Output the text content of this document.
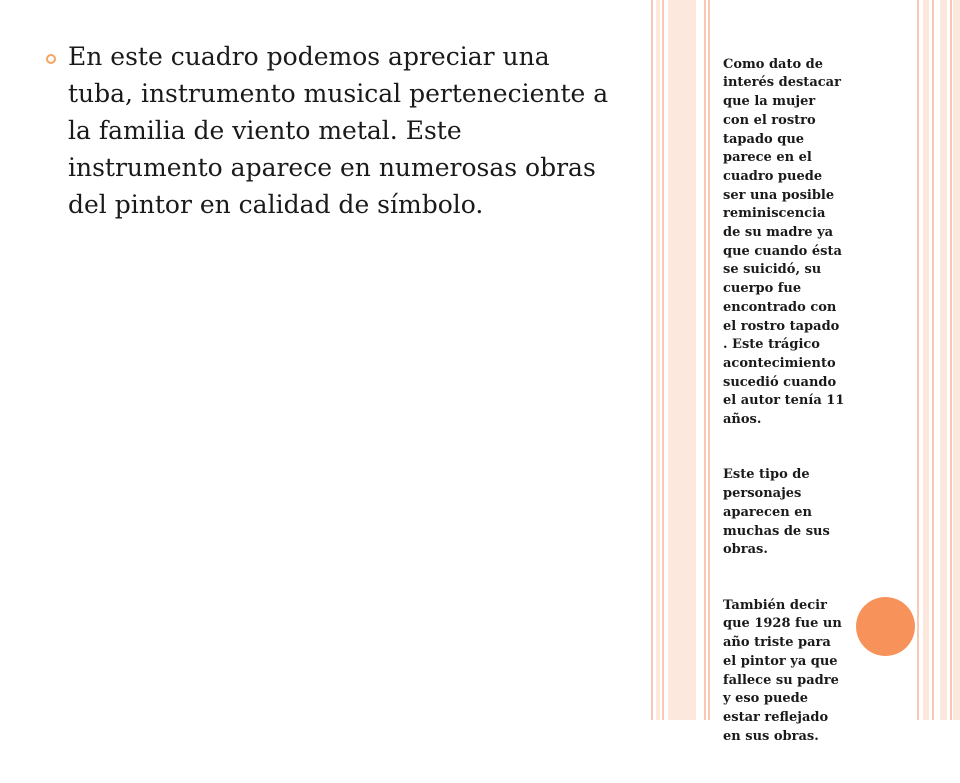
En este cuadro podemos apreciar una tuba, instrumento musical perteneciente a la familia de viento metal. Este instrumento aparece en numerosas obras del pintor en calidad de símbolo.

Como dato de
interés destacar
que la mujer
con el rostro
tapado que
parece en el
cuadro puede
ser una posible
reminiscencia
de su madre ya
que cuando ésta
se suicidó, su
cuerpo fue
encontrado con
el rostro tapado
. Este trágico
acontecimiento
sucedió cuando
el autor tenía 11
años.

Este tipo de
personajes
aparecen en
muchas de sus
obras.

También decir
que 1928 fue un
año triste para
el pintor ya que
fallece su padre
y eso puede
estar reflejado
en sus obras.
